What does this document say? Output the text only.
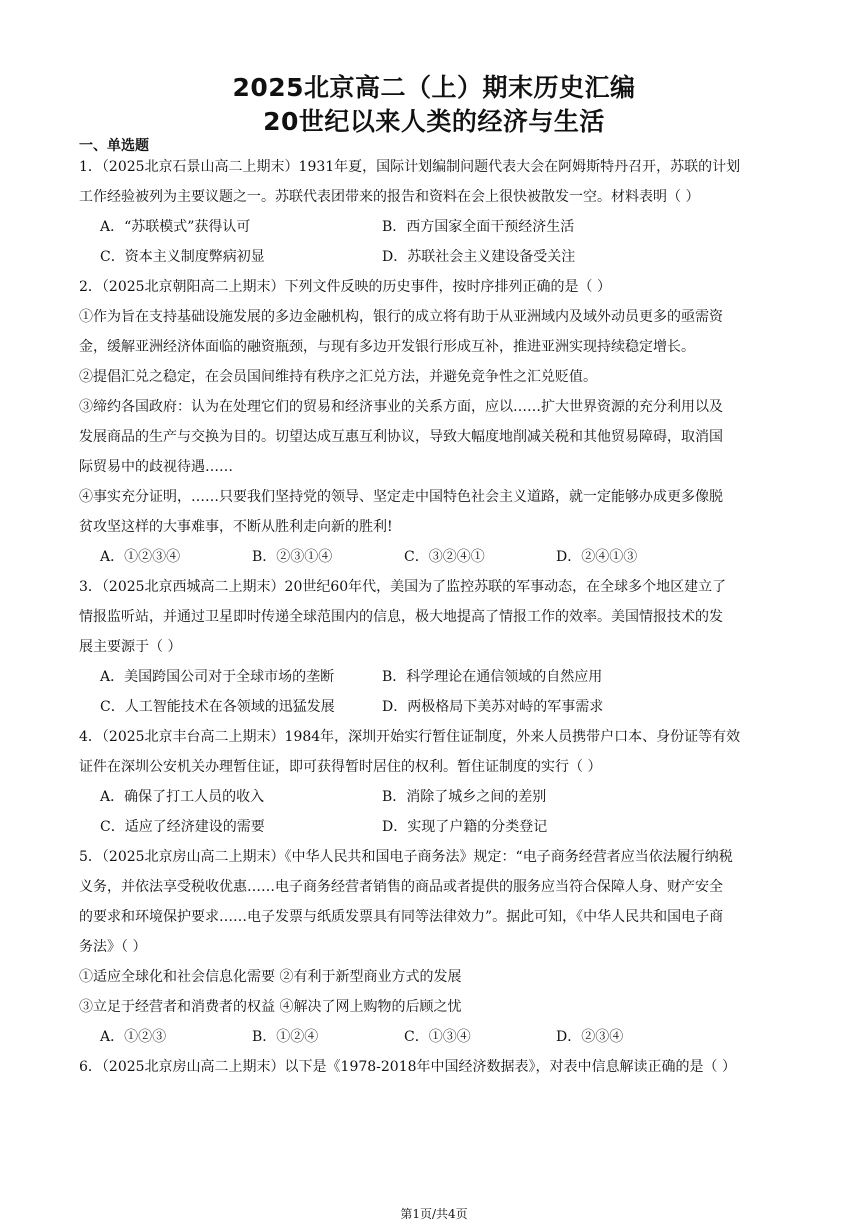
2025北京高二（上）期末历史汇编
20世纪以来人类的经济与生活
一、单选题
1．（2025北京石景山高二上期末）1931年夏，国际计划编制问题代表大会在阿姆斯特丹召开，苏联的计划
工作经验被列为主要议题之一。苏联代表团带来的报告和资料在会上很快被散发一空。材料表明（ ）
A．“苏联模式”获得认可	B．西方国家全面干预经济生活
C．资本主义制度弊病初显	D．苏联社会主义建设备受关注
2．（2025北京朝阳高二上期末）下列文件反映的历史事件，按时序排列正确的是（ ）
①作为旨在支持基础设施发展的多边金融机构，银行的成立将有助于从亚洲域内及域外动员更多的亟需资
金，缓解亚洲经济体面临的融资瓶颈，与现有多边开发银行形成互补，推进亚洲实现持续稳定增长。
②提倡汇兑之稳定，在会员国间维持有秩序之汇兑方法，并避免竞争性之汇兑贬值。
③缔约各国政府：认为在处理它们的贸易和经济事业的关系方面，应以……扩大世界资源的充分利用以及
发展商品的生产与交换为目的。切望达成互惠互利协议，导致大幅度地削减关税和其他贸易障碍，取消国
际贸易中的歧视待遇……
④事实充分证明，……只要我们坚持党的领导、坚定走中国特色社会主义道路，就一定能够办成更多像脱
贫攻坚这样的大事难事，不断从胜利走向新的胜利!
A．①②③④	B．②③①④	C．③②④①	D．②④①③
3．（2025北京西城高二上期末）20世纪60年代，美国为了监控苏联的军事动态，在全球多个地区建立了
情报监听站，并通过卫星即时传递全球范围内的信息，极大地提高了情报工作的效率。美国情报技术的发
展主要源于（ ）
A．美国跨国公司对于全球市场的垄断	B．科学理论在通信领域的自然应用
C．人工智能技术在各领域的迅猛发展	D．两极格局下美苏对峙的军事需求
4．（2025北京丰台高二上期末）1984年，深圳开始实行暂住证制度，外来人员携带户口本、身份证等有效
证件在深圳公安机关办理暂住证，即可获得暂时居住的权利。暂住证制度的实行（ ）
A．确保了打工人员的收入	B．消除了城乡之间的差别
C．适应了经济建设的需要	D．实现了户籍的分类登记
5．（2025北京房山高二上期末）《中华人民共和国电子商务法》规定：“电子商务经营者应当依法履行纳税
义务，并依法享受税收优惠……电子商务经营者销售的商品或者提供的服务应当符合保障人身、财产安全
的要求和环境保护要求……电子发票与纸质发票具有同等法律效力”。据此可知，《中华人民共和国电子商
务法》（ ）
①适应全球化和社会信息化需要 ②有利于新型商业方式的发展
③立足于经营者和消费者的权益 ④解决了网上购物的后顾之忧
A．①②③	B．①②④	C．①③④	D．②③④
6．（2025北京房山高二上期末）以下是《1978-2018年中国经济数据表》，对表中信息解读正确的是（ ）
第1页/共4页
